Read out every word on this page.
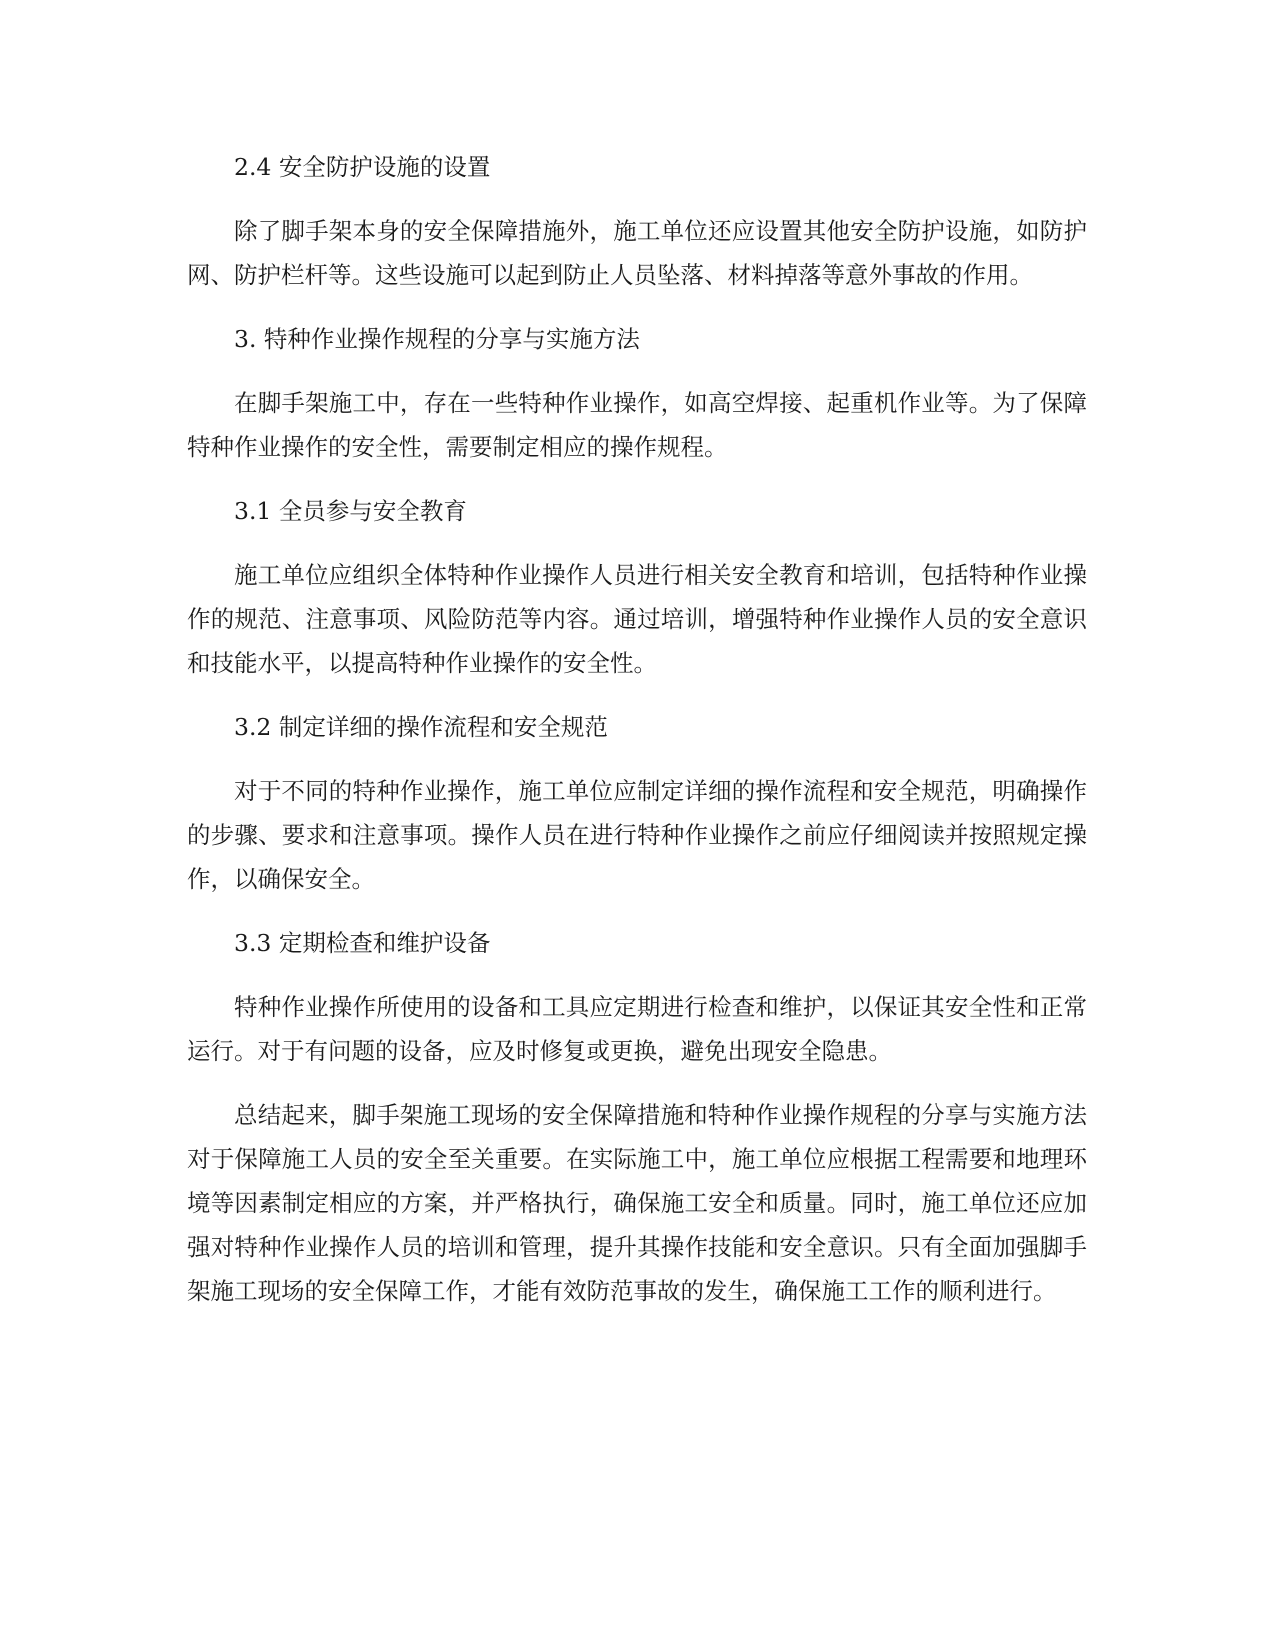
2.4 安全防护设施的设置

除了脚手架本身的安全保障措施外，施工单位还应设置其他安全防护设施，如防护网、防护栏杆等。这些设施可以起到防止人员坠落、材料掉落等意外事故的作用。

3. 特种作业操作规程的分享与实施方法

在脚手架施工中，存在一些特种作业操作，如高空焊接、起重机作业等。为了保障特种作业操作的安全性，需要制定相应的操作规程。

3.1 全员参与安全教育

施工单位应组织全体特种作业操作人员进行相关安全教育和培训，包括特种作业操作的规范、注意事项、风险防范等内容。通过培训，增强特种作业操作人员的安全意识和技能水平，以提高特种作业操作的安全性。

3.2 制定详细的操作流程和安全规范

对于不同的特种作业操作，施工单位应制定详细的操作流程和安全规范，明确操作的步骤、要求和注意事项。操作人员在进行特种作业操作之前应仔细阅读并按照规定操作，以确保安全。

3.3 定期检查和维护设备

特种作业操作所使用的设备和工具应定期进行检查和维护，以保证其安全性和正常运行。对于有问题的设备，应及时修复或更换，避免出现安全隐患。

总结起来，脚手架施工现场的安全保障措施和特种作业操作规程的分享与实施方法对于保障施工人员的安全至关重要。在实际施工中，施工单位应根据工程需要和地理环境等因素制定相应的方案，并严格执行，确保施工安全和质量。同时，施工单位还应加强对特种作业操作人员的培训和管理，提升其操作技能和安全意识。只有全面加强脚手架施工现场的安全保障工作，才能有效防范事故的发生，确保施工工作的顺利进行。
